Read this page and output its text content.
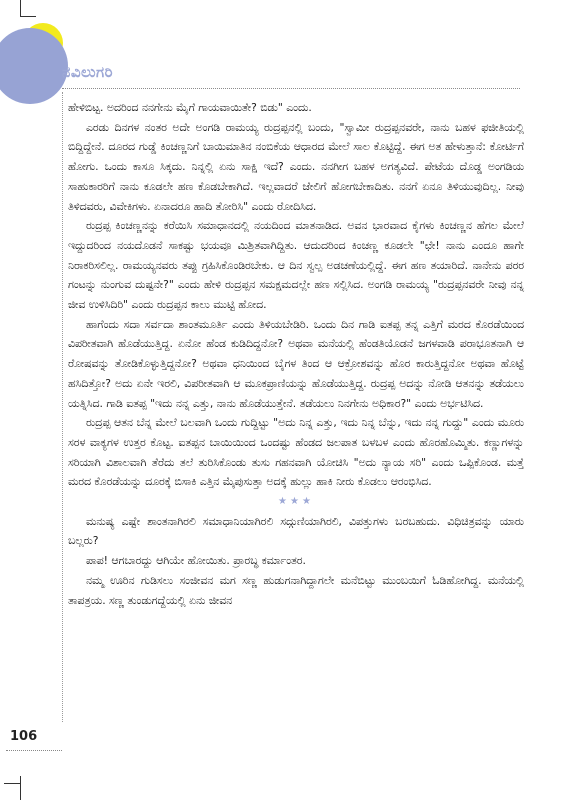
ನವಿಲುಗರಿ

ಹೇಳಿಬಿಟ್ಟ. ಅದರಿಂದ ನನಗೇನು ಮೈಗೆ ಗಾಯವಾಯಿತೇ? ಬಿಡು" ಎಂದು.

ಎರಡು ದಿನಗಳ ನಂತರ ಅದೇ ಅಂಗಡಿ ರಾಮಯ್ಯ ರುದ್ರಪ್ಪನಲ್ಲಿ ಬಂದು, "ಸ್ವಾಮೀ ರುದ್ರಪ್ಪನವರೇ, ನಾನು ಬಹಳ ಫಜೀತಿಯಲ್ಲಿ ಬಿದ್ದಿದ್ದೇನೆ. ದೂರದ ಗುಡ್ಡೆ ಕಿಂಚಣ್ಣನಿಗೆ ಬಾಯಿಮಾತಿನ ನಂಬಿಕೆಯ ಆಧಾರದ ಮೇಲೆ ಸಾಲ ಕೊಟ್ಟಿದ್ದೆ. ಈಗ ಅತ ಹೇಳುತ್ತಾನೆ: ಕೋರ್ಟಿಗೆ ಹೋಗು. ಒಂದು ಕಾಸೂ ಸಿಕ್ಕದು. ನಿನ್ನಲ್ಲಿ ಏನು ಸಾಕ್ಷಿ ಇದೆ? ಎಂದು. ನನಗೀಗ ಬಹಳ ಅಗತ್ಯವಿದೆ. ಪೇಟೆಯ ದೊಡ್ಡ ಅಂಗಡಿಯ ಸಾಹುಕಾರರಿಗೆ ನಾನು ಕೂಡಲೇ ಹಣ ಕೊಡಬೇಕಾಗಿದೆ. ಇಲ್ಲವಾದರೆ ಜೇಲಿಗೆ ಹೋಗಬೇಕಾದಿತು. ನನಗೆ ಏನೂ ತಿಳಿಯುವುದಿಲ್ಲ. ನೀವು ತಿಳಿದವರು, ವಿವೇಕಿಗಳು. ಏನಾದರೂ ಹಾದಿ ತೋರಿಸಿ" ಎಂದು ರೋದಿಸಿದ.

ರುದ್ರಪ್ಪ ಕಿಂಚಣ್ಣನನ್ನು ಕರೆಯಿಸಿ ಸಮಾಧಾನದಲ್ಲಿ ನಯದಿಂದ ಮಾತನಾಡಿದ. ಅವನ ಭಾರವಾದ ಕೈಗಳು ಕಿಂಚಣ್ಣನ ಹೆಗಲ ಮೇಲೆ ಇದ್ದುದರಿಂದ ನಯದೊಡನೆ ಸಾಕಷ್ಟು ಭಯವೂ ಮಿಶ್ರಿತವಾಗಿದ್ದಿತು. ಆದುದರಿಂದ ಕಿಂಚಣ್ಣ ಕೂಡಲೇ "ಛೇ! ನಾನು ಎಂದೂ ಹಾಗೇ ನಿರಾಕರಿಸಲಿಲ್ಲ. ರಾಮಯ್ಯನವರು ತಪ್ಪು ಗ್ರಹಿಸಿಕೊಂಡಿರಬೇಕು. ಆ ದಿನ ಸ್ವಲ್ಪ ಅಡಚಣೆಯಲ್ಲಿದ್ದೆ. ಈಗ ಹಣ ತಯಾರಿದೆ. ನಾನೇನು ಪರರ ಗಂಟನ್ನು ನುಂಗುವ ದುಷ್ಟನೇ?" ಎಂದು ಹೇಳಿ ರುದ್ರಪ್ಪನ ಸಮಕ್ಷಮದಲ್ಲೇ ಹಣ ಸಲ್ಲಿಸಿದ. ಅಂಗಡಿ ರಾಮಯ್ಯ "ರುದ್ರಪ್ಪನವರೇ ನೀವು ನನ್ನ ಜೀವ ಉಳಿಸಿದಿರಿ" ಎಂದು ರುದ್ರಪ್ಪನ ಕಾಲು ಮುಟ್ಟಿ ಹೋದ.

ಹಾಗೆಂದು ಸದಾ ಸರ್ವದಾ ಶಾಂತಮೂರ್ತಿ ಎಂದು ತಿಳಿಯಬೇಡಿರಿ. ಒಂದು ದಿನ ಗಾಡಿ ಐತಪ್ಪ ತನ್ನ ಎತ್ತಿಗೆ ಮರದ ಕೊರಡೆಯಿಂದ ವಿಪರೀತವಾಗಿ ಹೊಡೆಯುತ್ತಿದ್ದ. ಏನೋ ಹೆಂಡ ಕುಡಿದಿದ್ದನೋ? ಅಥವಾ ಮನೆಯಲ್ಲಿ ಹೆಂಡತಿಯೊಡನೆ ಜಗಳವಾಡಿ ಪರಾಭೂತನಾಗಿ ಆ ರೋಷವನ್ನು ತೋಡಿಕೊಳ್ಳುತ್ತಿದ್ದನೋ? ಅಥವಾ ಧನಿಯಿಂದ ಬೈಗಳ ತಿಂದ ಆ ಆಕ್ರೋಶವನ್ನು ಹೊರ ಕಾರುತ್ತಿದ್ದನೋ ಅಥವಾ ಹೊಟ್ಟೆ ಹಸಿದಿತ್ತೋ? ಅದು ಏನೇ ಇರಲಿ, ವಿಪರೀತವಾಗಿ ಆ ಮೂಕಪ್ರಾಣಿಯನ್ನು ಹೊಡೆಯುತ್ತಿದ್ದ. ರುದ್ರಪ್ಪ ಅದನ್ನು ನೋಡಿ ಆತನನ್ನು ತಡೆಯಲು ಯತ್ನಿಸಿದ. ಗಾಡಿ ಐತಪ್ಪ "ಇದು ನನ್ನ ಎತ್ತು, ನಾನು ಹೊಡೆಯುತ್ತೇನೆ. ತಡೆಯಲು ನಿನಗೇನು ಅಧಿಕಾರ?" ಎಂದು ಅರ್ಭಟಿಸಿದ.

ರುದ್ರಪ್ಪ ಆತನ ಬೆನ್ನ ಮೇಲೆ ಬಲವಾಗಿ ಒಂದು ಗುದ್ದಿಟ್ಟು "ಅದು ನಿನ್ನ ಎತ್ತು, ಇದು ನಿನ್ನ ಬೆನ್ನು, ಇದು ನನ್ನ ಗುದ್ದು" ಎಂದು ಮೂರು ಸರಳ ವಾಕ್ಯಗಳ ಉತ್ತರ ಕೊಟ್ಟ. ಐತಪ್ಪನ ಬಾಯಿಯಿಂದ ಒಂದಷ್ಟು ಹೆಂಡದ ಜಲಪಾತ ಬಳಬಳ ಎಂದು ಹೊರಹೊಮ್ಮಿತು. ಕಣ್ಣುಗಳನ್ನು ಸರಿಯಾಗಿ ವಿಶಾಲವಾಗಿ ತೆರೆದು ತಲೆ ತುರಿಸಿಕೊಂಡು ತುಸು ಗಹನವಾಗಿ ಯೋಚಿಸಿ "ಅದು ನ್ಯಾಯ ಸರಿ" ಎಂದು ಒಪ್ಪಿಕೊಂಡ. ಮತ್ತೆ ಮರದ ಕೊರಡೆಯನ್ನು ದೂರಕ್ಕೆ ಬಿಸಾಕಿ ಎತ್ತಿನ ಮೈಪುಸುತ್ತಾ ಅದಕ್ಕೆ ಹುಲ್ಲು ಹಾಕಿ ನೀರು ಕೊಡಲು ಆರಂಭಿಸಿದ.

★★★

ಮನುಷ್ಯ ಎಷ್ಟೇ ಶಾಂತನಾಗಿರಲಿ ಸಮಾಧಾನಿಯಾಗಿರಲಿ ಸದ್ಗುಣಿಯಾಗಿರಲಿ, ವಿಪತ್ತುಗಳು ಬರಬಹುದು. ವಿಧಿಚಿತ್ರವನ್ನು ಯಾರು ಬಲ್ಲರು?

ಪಾಪ! ಆಗಬಾರದ್ದು ಆಗಿಯೇ ಹೋಯಿತು. ಪ್ರಾರಬ್ಧ ಕರ್ಮಾಂತರ.

ನಮ್ಮ ಊರಿನ ಗುಡಿಸಲು ಸಂಜೀವನ ಮಗ ಸಣ್ಣ ಹುಡುಗನಾಗಿದ್ದಾಗಲೇ ಮನೆಬಿಟ್ಟು ಮುಂಬಯಿಗೆ ಓಡಿಹೋಗಿದ್ದ. ಮನೆಯಲ್ಲಿ ತಾಪತ್ರಯ. ಸಣ್ಣ ತುಂಡುಗದ್ದೆಯಲ್ಲಿ ಏನು ಜೀವನ

106
